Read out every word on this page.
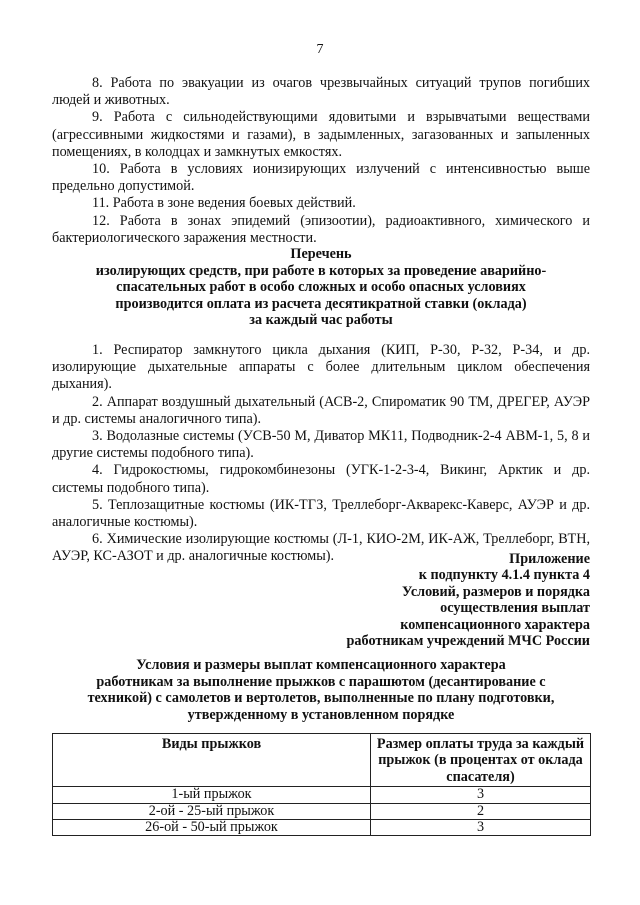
7

8. Работа по эвакуации из очагов чрезвычайных ситуаций трупов погибших людей и животных.

9. Работа с сильнодействующими ядовитыми и взрывчатыми веществами (агрессивными жидкостями и газами), в задымленных, загазованных и запыленных помещениях, в колодцах и замкнутых емкостях.

10. Работа в условиях ионизирующих излучений с интенсивностью выше предельно допустимой.

11. Работа в зоне ведения боевых действий.

12. Работа в зонах эпидемий (эпизоотии), радиоактивного, химического и бактериологического заражения местности.

Перечень
изолирующих средств, при работе в которых за проведение аварийно-
спасательных работ в особо сложных и особо опасных условиях
производится оплата из расчета десятикратной ставки (оклада)
за каждый час работы

1. Респиратор замкнутого цикла дыхания (КИП, Р-30, Р-32, Р-34, и др. изолирующие дыхательные аппараты с более длительным циклом обеспечения дыхания).

2. Аппарат воздушный дыхательный (АСВ-2, Спироматик 90 ТМ, ДРЕГЕР, АУЭР и др. системы аналогичного типа).

3. Водолазные системы (УСВ-50 М, Диватор МК11, Подводник-2-4 АВМ-1, 5, 8 и другие системы подобного типа).

4. Гидрокостюмы, гидрокомбинезоны (УГК-1-2-3-4, Викинг, Арктик и др. системы подобного типа).

5. Теплозащитные костюмы (ИК-ТГЗ, Треллеборг-Акварекс-Каверс, АУЭР и др. аналогичные костюмы).

6. Химические изолирующие костюмы (Л-1, КИО-2М, ИК-АЖ, Треллеборг, ВТН, АУЭР, КС-АЗОТ и др. аналогичные костюмы).	Приложение
к подпункту 4.1.4 пункта 4
Условий, размеров и порядка
осуществления выплат
компенсационного характера
работникам учреждений МЧС России
Условия и размеры выплат компенсационного характера
работникам за выполнение прыжков с парашютом (десантирование с
техникой) с самолетов и вертолетов, выполненные по плану подготовки,
утвержденному в установленном порядке
Виды прыжков	Размер оплаты труда за каждый прыжок (в процентах от оклада спасателя)
1-ый прыжок	3
2-ой - 25-ый прыжок	2
26-ой - 50-ый прыжок	3
